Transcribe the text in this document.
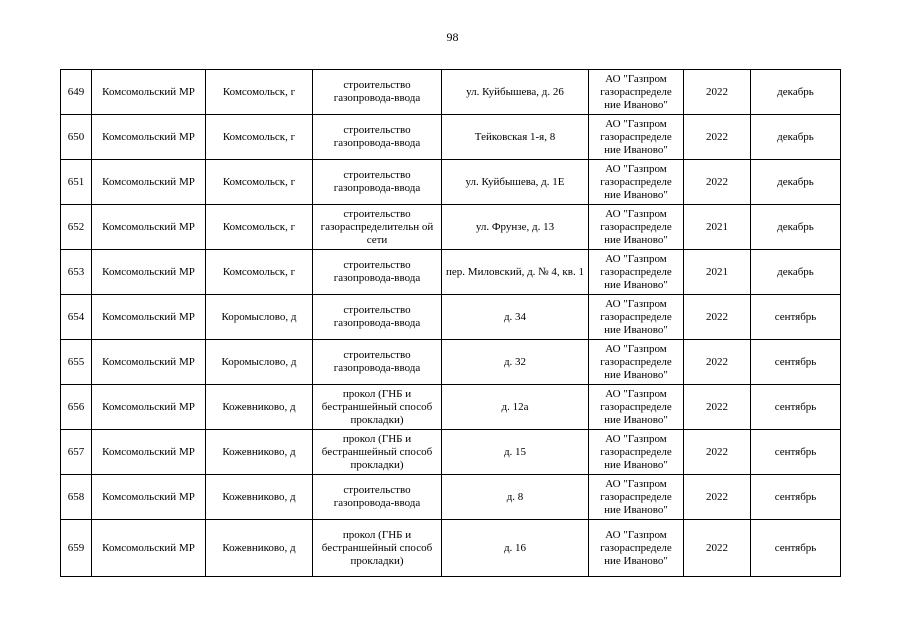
98
649	Комсомольский МР	Комсомольск, г	строительство газопровода-ввода	ул. Куйбышева, д. 26	АО "Газпром газораспределе ние Иваново"	2022	декабрь
650	Комсомольский МР	Комсомольск, г	строительство газопровода-ввода	Тейковская 1-я, 8	АО "Газпром газораспределе ние Иваново"	2022	декабрь
651	Комсомольский МР	Комсомольск, г	строительство газопровода-ввода	ул. Куйбышева, д. 1Е	АО "Газпром газораспределе ние Иваново"	2022	декабрь
652	Комсомольский МР	Комсомольск, г	строительство газораспределительн ой сети	ул. Фрунзе, д. 13	АО "Газпром газораспределе ние Иваново"	2021	декабрь
653	Комсомольский МР	Комсомольск, г	строительство газопровода-ввода	пер. Миловский, д. № 4, кв. 1	АО "Газпром газораспределе ние Иваново"	2021	декабрь
654	Комсомольский МР	Коромыслово, д	строительство газопровода-ввода	д. 34	АО "Газпром газораспределе ние Иваново"	2022	сентябрь
655	Комсомольский МР	Коромыслово, д	строительство газопровода-ввода	д. 32	АО "Газпром газораспределе ние Иваново"	2022	сентябрь
656	Комсомольский МР	Кожевниково, д	прокол (ГНБ и бестраншейный способ прокладки)	д. 12а	АО "Газпром газораспределе ние Иваново"	2022	сентябрь
657	Комсомольский МР	Кожевниково, д	прокол (ГНБ и бестраншейный способ прокладки)	д. 15	АО "Газпром газораспределе ние Иваново"	2022	сентябрь
658	Комсомольский МР	Кожевниково, д	строительство газопровода-ввода	д. 8	АО "Газпром газораспределе ние Иваново"	2022	сентябрь
659	Комсомольский МР	Кожевниково, д	прокол (ГНБ и бестраншейный способ прокладки)	д. 16	АО "Газпром газораспределе ние Иваново"	2022	сентябрь
